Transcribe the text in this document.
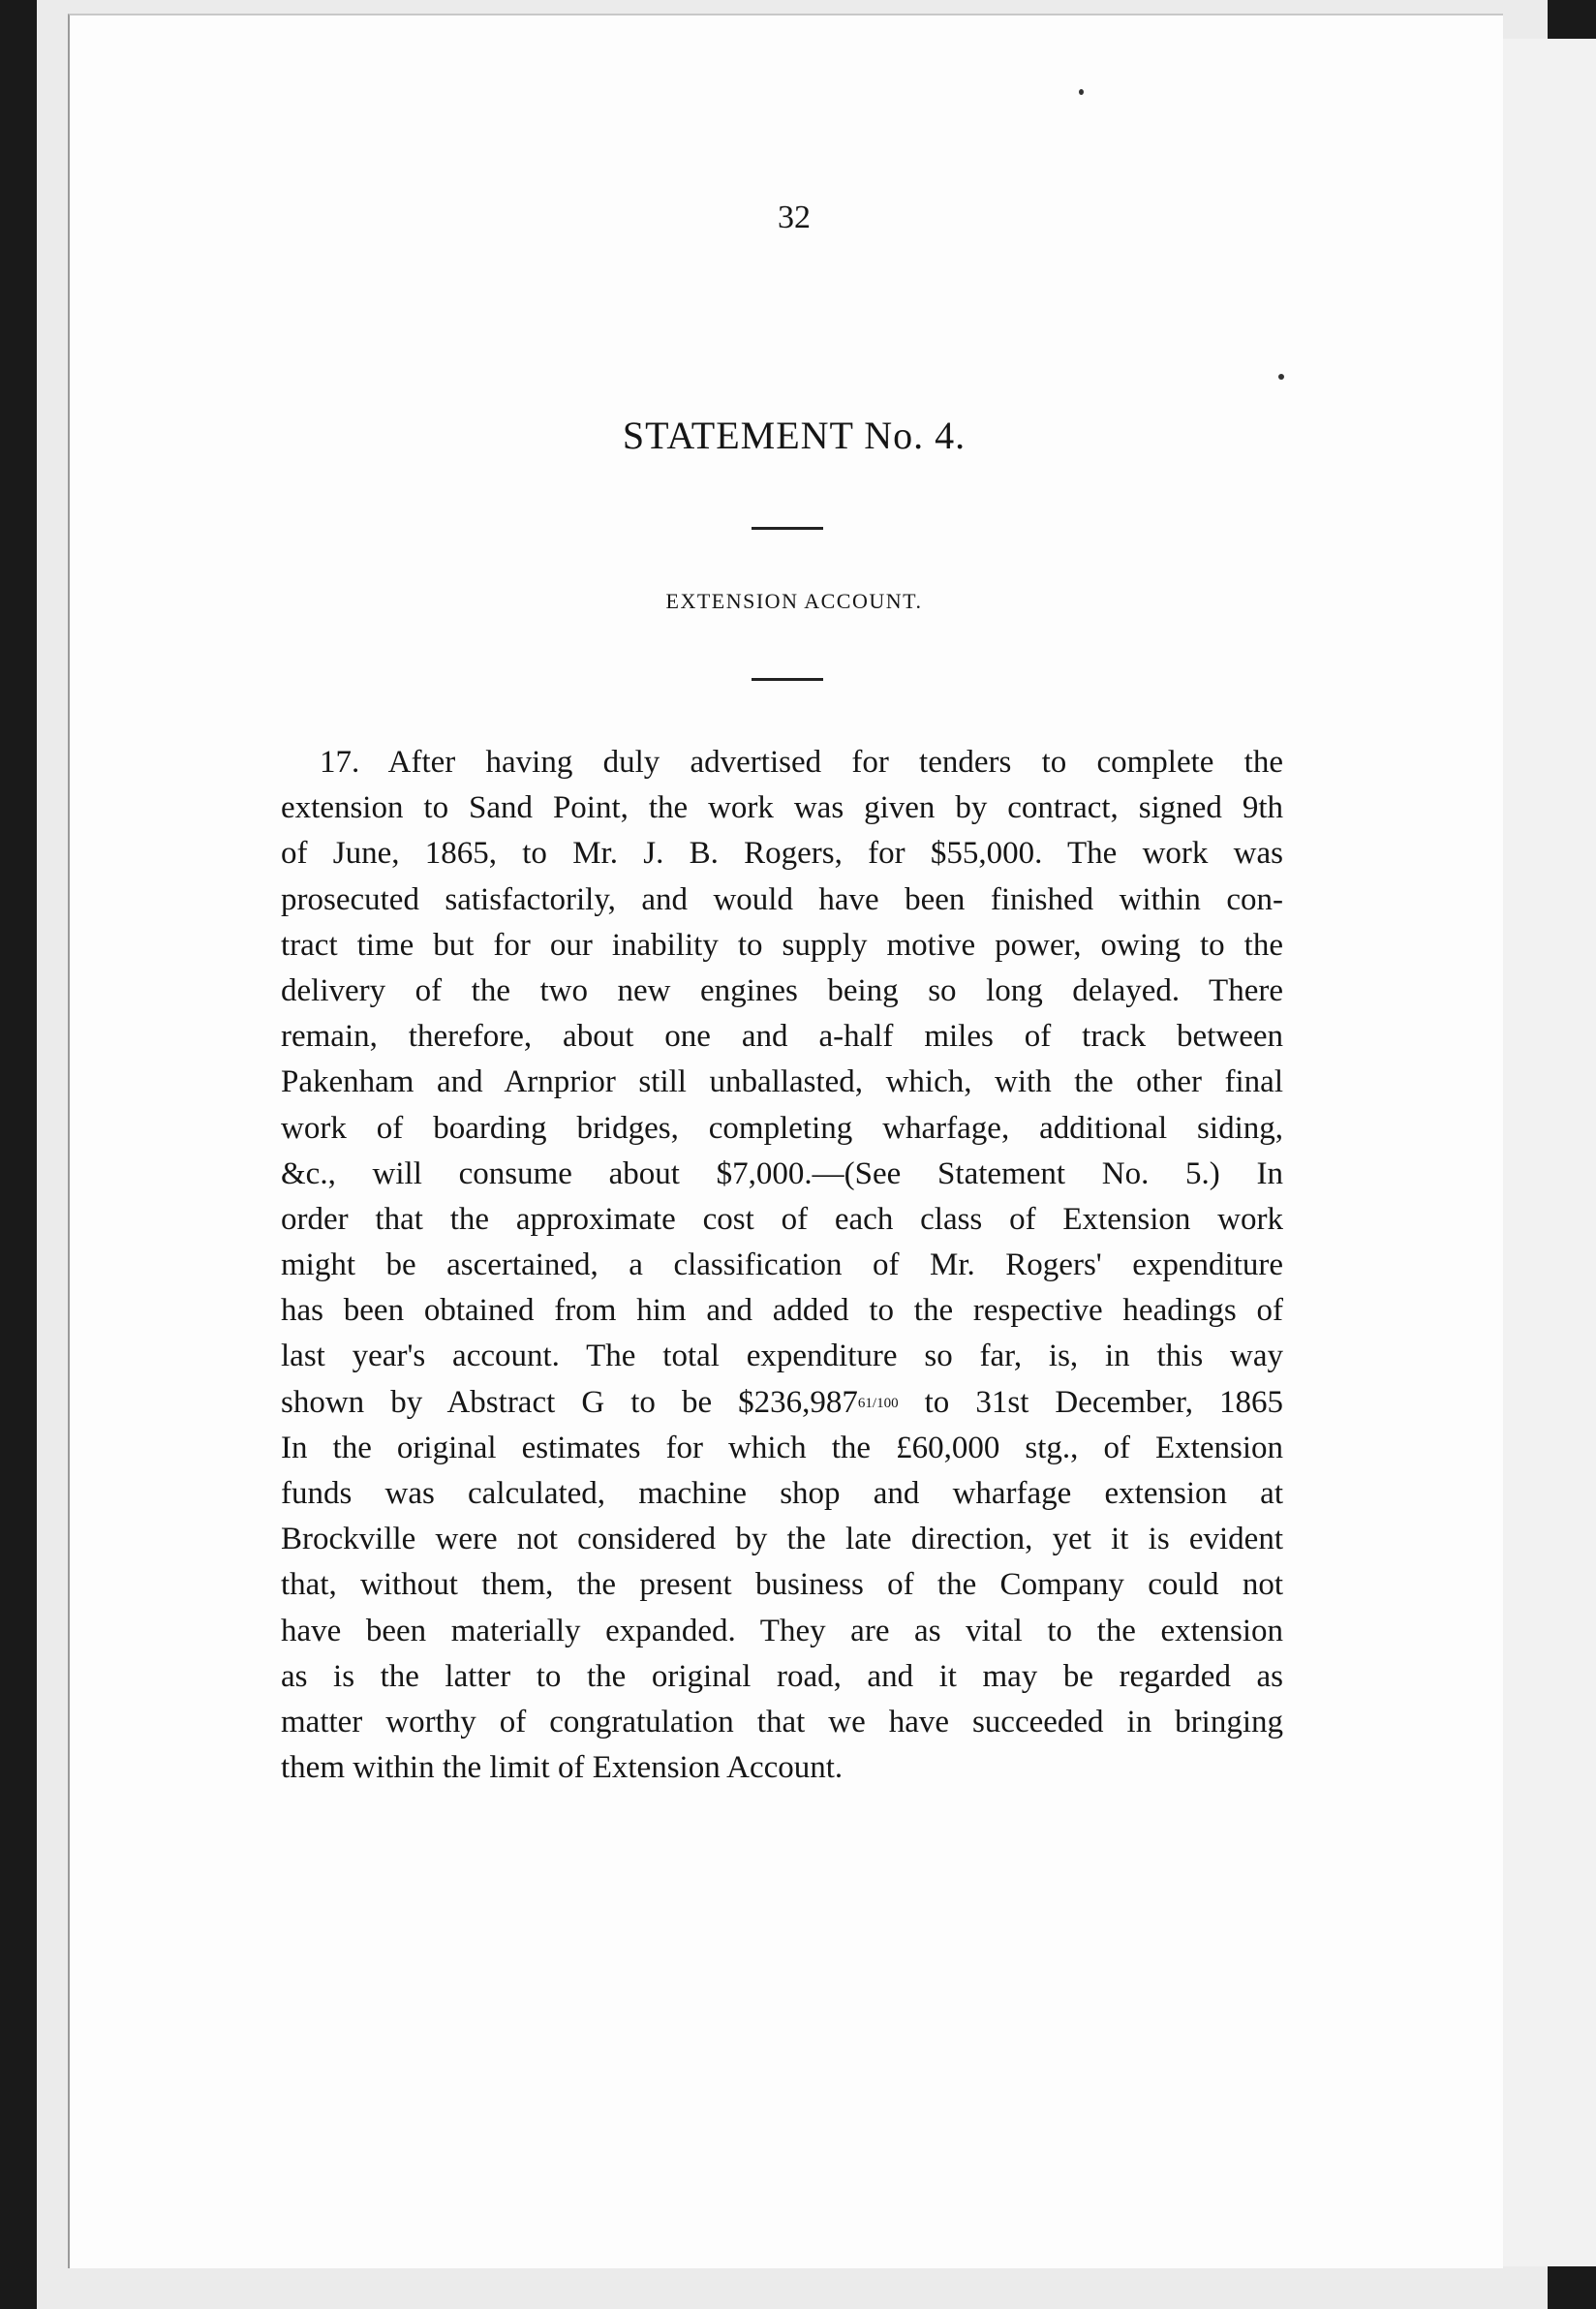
32
STATEMENT No. 4.
EXTENSION ACCOUNT.
17. After having duly advertised for tenders to complete the
extension to Sand Point, the work was given by contract, signed 9th
of June, 1865, to Mr. J. B. Rogers, for $55,000. The work was
prosecuted satisfactorily, and would have been finished within con-
tract time but for our inability to supply motive power, owing to the
delivery of the two new engines being so long delayed. There
remain, therefore, about one and a-half miles of track between
Pakenham and Arnprior still unballasted, which, with the other final
work of boarding bridges, completing wharfage, additional siding,
&c., will consume about $7,000.—(See Statement No. 5.) In
order that the approximate cost of each class of Extension work
might be ascertained, a classification of Mr. Rogers' expenditure
has been obtained from him and added to the respective headings of
last year's account. The total expenditure so far, is, in this way
shown by Abstract G to be $236,98761/100 to 31st December, 1865
In the original estimates for which the £60,000 stg., of Extension
funds was calculated, machine shop and wharfage extension at
Brockville were not considered by the late direction, yet it is evident
that, without them, the present business of the Company could not
have been materially expanded. They are as vital to the extension
as is the latter to the original road, and it may be regarded as
matter worthy of congratulation that we have succeeded in bringing
them within the limit of Extension Account.
